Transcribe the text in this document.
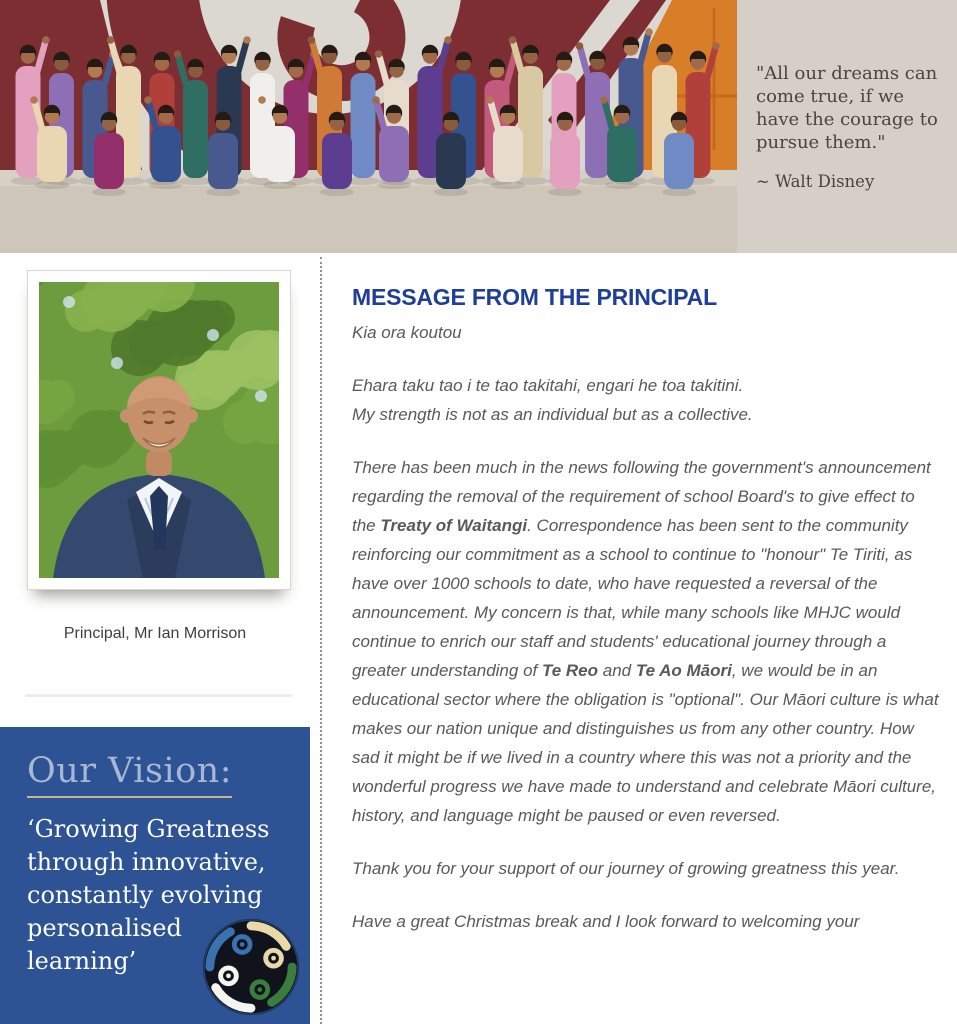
"All our dreams can come true, if we have the courage to pursue them."
~ Walt Disney
Principal, Mr Ian Morrison
Our Vision:
‘Growing Greatness through innovative, constantly evolving personalised learning’
MESSAGE FROM THE PRINCIPAL
Kia ora koutou

Ehara taku tao i te tao takitahi, engari he toa takitini.
My strength is not as an individual but as a collective.

There has been much in the news following the government's announcement regarding the removal of the requirement of school Board's to give effect to the Treaty of Waitangi. Correspondence has been sent to the community reinforcing our commitment as a school to continue to "honour" Te Tiriti, as have over 1000 schools to date, who have requested a reversal of the announcement. My concern is that, while many schools like MHJC would continue to enrich our staff and students' educational journey through a greater understanding of Te Reo and Te Ao Māori, we would be in an educational sector where the obligation is "optional". Our Māori culture is what makes our nation unique and distinguishes us from any other country. How sad it might be if we lived in a country where this was not a priority and the wonderful progress we have made to understand and celebrate Māori culture, history, and language might be paused or even reversed.

Thank you for your support of our journey of growing greatness this year.

Have a great Christmas break and I look forward to welcoming your
